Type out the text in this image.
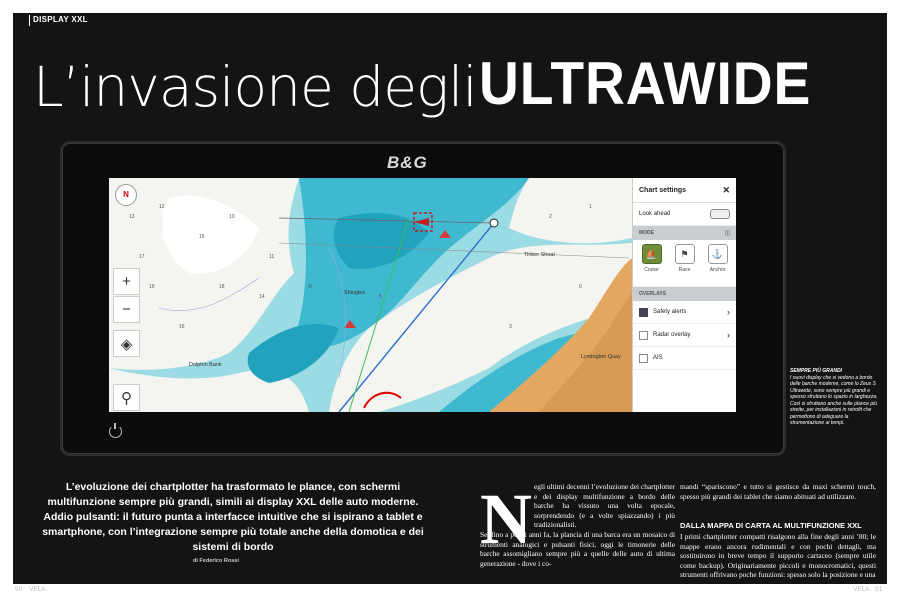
DISPLAY XXL
L’invasione degli ULTRAWIDE
B&G
13
12
15
17
10
14
16
18
19
11
8
5
2
1
0
3
Dolphin Bank
Shingles
Tinker Shoal
Lymington Quay
N
+
−
◈
⚲
Chart settings	✕
Look ahead
MODE	ⓘ
⛵
Cruise
⚑
Race
⚓
Anchor
OVERLAYS
Safety alerts	›
Radar overlay	›
AIS
SEMPRE PIÙ GRANDI
I nuovi display che si vedono a bordo delle barche moderne, come lo Zeus S Ultrawide, sono sempre più grandi e spesso sfruttano lo spazio in larghezza. Così si sfruttano anche sulle plance più strette, per installazioni in retrofit che permettono di adeguare la strumentazione ai tempi.
L’evoluzione dei chartplotter ha trasformato le plance, con schermi multifunzione sempre più grandi, simili ai display XXL delle auto moderne. Addio pulsanti: il futuro punta a interfacce intuitive che si ispirano a tablet e smartphone, con l’integrazione sempre più totale anche della domotica e dei sistemi di bordo
di Federico Rossi
N egli ultimi decenni l’evoluzione dei chartplotter e dei display multifunzione a bordo delle barche ha vissuto una volta epocale, sorprendendo (e a volte spiazzando) i più tradizionalisti.
Se, fino a pochi anni fa, la plancia di una barca era un mosaico di strumenti analogici e pulsanti fisici, oggi le timonerie delle barche assomigliano sempre più a quelle delle auto di ultima generazione - dove i co-
mandi “spariscono” e tutto si gestisce da maxi schermi touch, spesso più grandi dei tablet che siamo abituati ad utilizzare.
DALLA MAPPA DI CARTA AL MULTIFUNZIONE XXL
I primi chartplotter compatti risalgono alla fine degli anni ’80; le mappe erano ancora rudimentali e con pochi dettagli, ma sostituirono in breve tempo il supporto cartaceo (sempre utile come backup). Originariamente piccoli e monocromatici, questi strumenti offrivano poche funzioni: spesso solo la posizione e una
90 VELA	VELA 91
